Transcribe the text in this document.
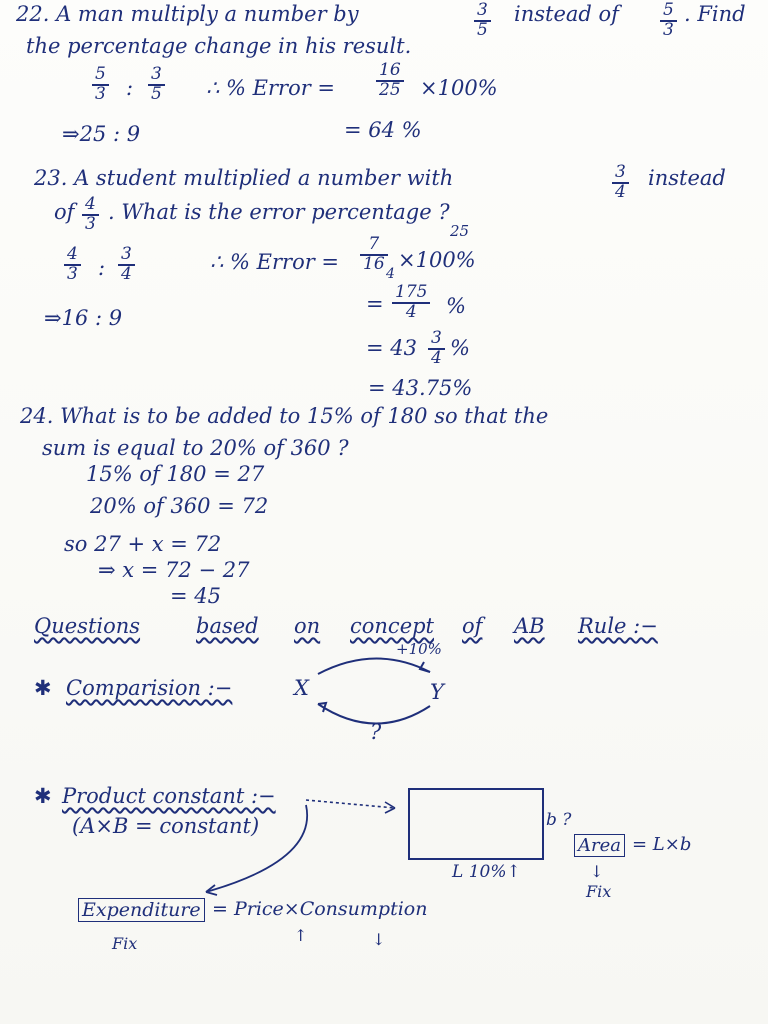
22. A man multiply a number by	3
5
instead of	5
3
. Find
the percentage change in his result.
5
3 :
3
5 ∴ % Error =
16
25 ×100%
⇒25 : 9	= 64 %
23. A student multiplied a number with	3
4
instead
of 4
3 . What is the error percentage ?
4
3 :
3
4	∴ % Error =
25
7
16
4
×100%
⇒16 : 9
= 175
4 %
= 43 3
4 %
= 43.75%
24. What is to be added to 15% of 180 so that the
sum is equal to 20% of 360 ?
15% of 180 = 27
20% of 360 = 72
so 27 + x = 72
⇒ x = 72 − 27
= 45
Questions	based on concept of AB Rule :−
✱ Comparision :−
+10%
X	Y
?
✱ Product constant :−
(A×B = constant)	b ?
L 10%↑
Area = L×b
↓
Fix
Expenditure = Price×Consumption
Fix	↑	↓
